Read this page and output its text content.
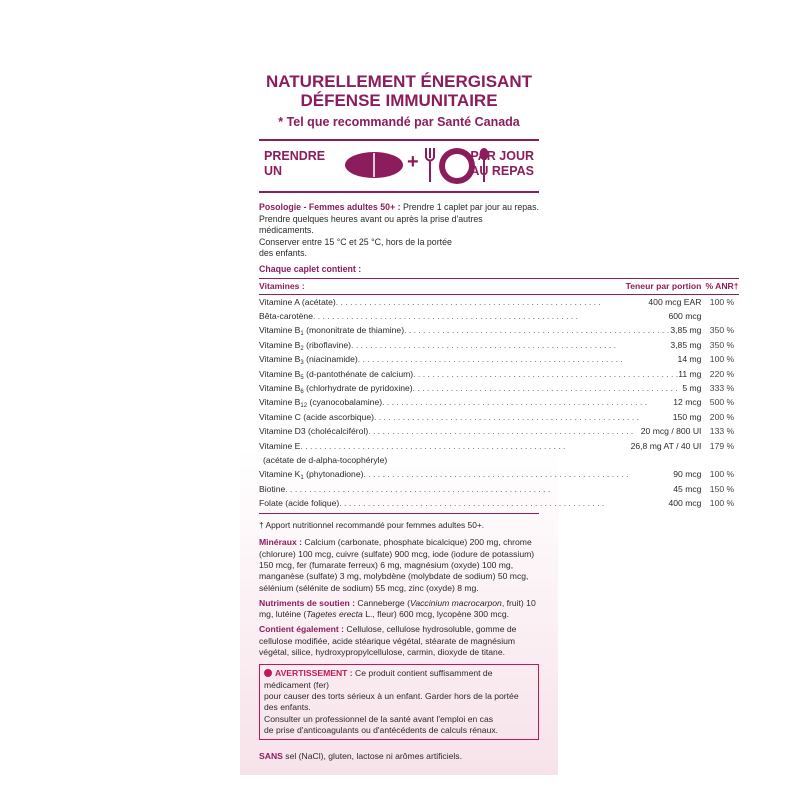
NATURELLEMENT ÉNERGISANT
DÉFENSE IMMUNITAIRE
* Tel que recommandé par Santé Canada
PRENDRE
UN	+	PAR JOUR
AU REPAS
Posologie - Femmes adultes 50+ : Prendre 1 caplet par jour au repas.
Prendre quelques heures avant ou après la prise d'autres médicaments.
Conserver entre 15 °C et 25 °C, hors de la portée
des enfants.
Chaque caplet contient :
Vitamines :	Teneur par portion	% ANR†

Vitamine A (acétate) . . . 400 mcg EAR		100 %

Bêta-carotène . . . 600 mcg

Vitamine $B_1$ (mononitrate de thiamine) . . . 3,85 mg		350 %

Vitamine $B_2$ (riboflavine) . . . 3,85 mg		350 %

Vitamine $B_3$ (niacinamide) . . . 14 mg		100 %

Vitamine $B_5$ (d-pantothénate de calcium) . . . 11 mg		220 %

Vitamine $B_6$ (chlorhydrate de pyridoxine) . . . 5 mg		333 %

Vitamine $B_{12}$ (cyanocobalamine) . . . 12 mcg		500 %

Vitamine C (acide ascorbique) . . . 150 mg		200 %

Vitamine D3 (cholécalciférol) . . . 20 mcg / 800 UI		133 %

Vitamine E . . . 26,8 mg AT / 40 UI		179 %

(acétate de d-alpha-tocophéryle)		

Vitamine $K_1$ (phytonadione) . . . 90 mcg		100 %

Biotine . . . 45 mcg		150 %

Folate (acide folique) . . . 400 mcg		100 %
† Apport nutritionnel recommandé pour femmes adultes 50+.
Minéraux : Calcium (carbonate, phosphate bicalcique) 200 mg, chrome (chlorure) 100 mcg, cuivre (sulfate) 900 mcg, iode (iodure de potassium) 150 mcg, fer (fumarate ferreux) 6 mg, magnésium (oxyde) 100 mg, manganèse (sulfate) 3 mg, molybdène (molybdate de sodium) 50 mcg, sélénium (sélénite de sodium) 55 mcg, zinc (oxyde) 8 mg.
Nutriments de soutien : Canneberge (Vaccinium macrocarpon, fruit) 10 mg, lutéine (Tagetes erecta L., fleur) 600 mcg, lycopène 300 mcg.
Contient également : Cellulose, cellulose hydrosoluble, gomme de cellulose modifiée, acide stéarique végétal, stéarate de magnésium végétal, silice, hydroxypropylcellulose, carmin, dioxyde de titane.
AVERTISSEMENT : Ce produit contient suffisamment de médicament (fer)
pour causer des torts sérieux à un enfant. Garder hors de la portée des enfants.
Consulter un professionnel de la santé avant l'emploi en cas
de prise d'anticoagulants ou d'antécédents de calculs rénaux.
SANS sel (NaCl), gluten, lactose ni arômes artificiels.
